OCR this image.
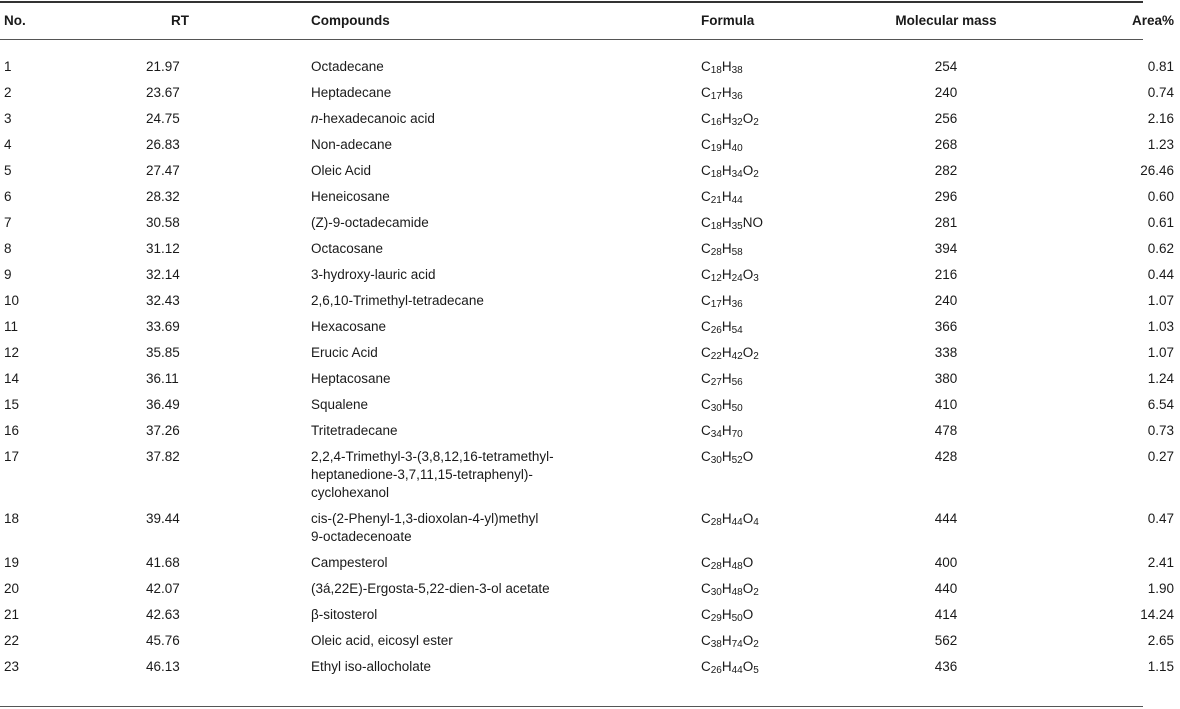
No.	RT	Compounds	Formula	Molecular mass	Area%

1	21.97	Octadecane	$C_{18}H_{38}$	254	0.81

2	23.67	Heptadecane	$C_{17}H_{36}$	240	0.74

3	24.75	n-hexadecanoic acid	$C_{16}H_{32}O_2$	256	2.16

4	26.83	Non-adecane	$C_{19}H_{40}$	268	1.23

5	27.47	Oleic Acid	$C_{18}H_{34}O_2$	282	26.46

6	28.32	Heneicosane	$C_{21}H_{44}$	296	0.60

7	30.58	(Z)-9-octadecamide	$C_{18}H_{35}NO$	281	0.61

8	31.12	Octacosane	$C_{28}H_{58}$	394	0.62

9	32.14	3-hydroxy-lauric acid	$C_{12}H_{24}O_3$	216	0.44

10	32.43	2,6,10-Trimethyl-tetradecane	$C_{17}H_{36}$	240	1.07

11	33.69	Hexacosane	$C_{26}H_{54}$	366	1.03

12	35.85	Erucic Acid	$C_{22}H_{42}O_2$	338	1.07

14	36.11	Heptacosane	$C_{27}H_{56}$	380	1.24

15	36.49	Squalene	$C_{30}H_{50}$	410	6.54

16	37.26	Tritetradecane	$C_{34}H_{70}$	478	0.73

17	37.82	2,2,4-Trimethyl-3-(3,8,12,16-tetramethyl-
heptanedione-3,7,11,15-tetraphenyl)-
cyclohexanol	$C_{30}H_{52}O$	428	0.27

18	39.44	cis-(2-Phenyl-1,3-dioxolan-4-yl)methyl
9-octadecenoate	$C_{28}H_{44}O_4$	444	0.47

19	41.68	Campesterol	$C_{28}H_{48}O$	400	2.41

20	42.07	(3á,22E)-Ergosta-5,22-dien-3-ol acetate	$C_{30}H_{48}O_2$	440	1.90

21	42.63	β-sitosterol	$C_{29}H_{50}O$	414	14.24

22	45.76	Oleic acid, eicosyl ester	$C_{38}H_{74}O_2$	562	2.65

23	46.13	Ethyl iso-allocholate	$C_{26}H_{44}O_5$	436	1.15
